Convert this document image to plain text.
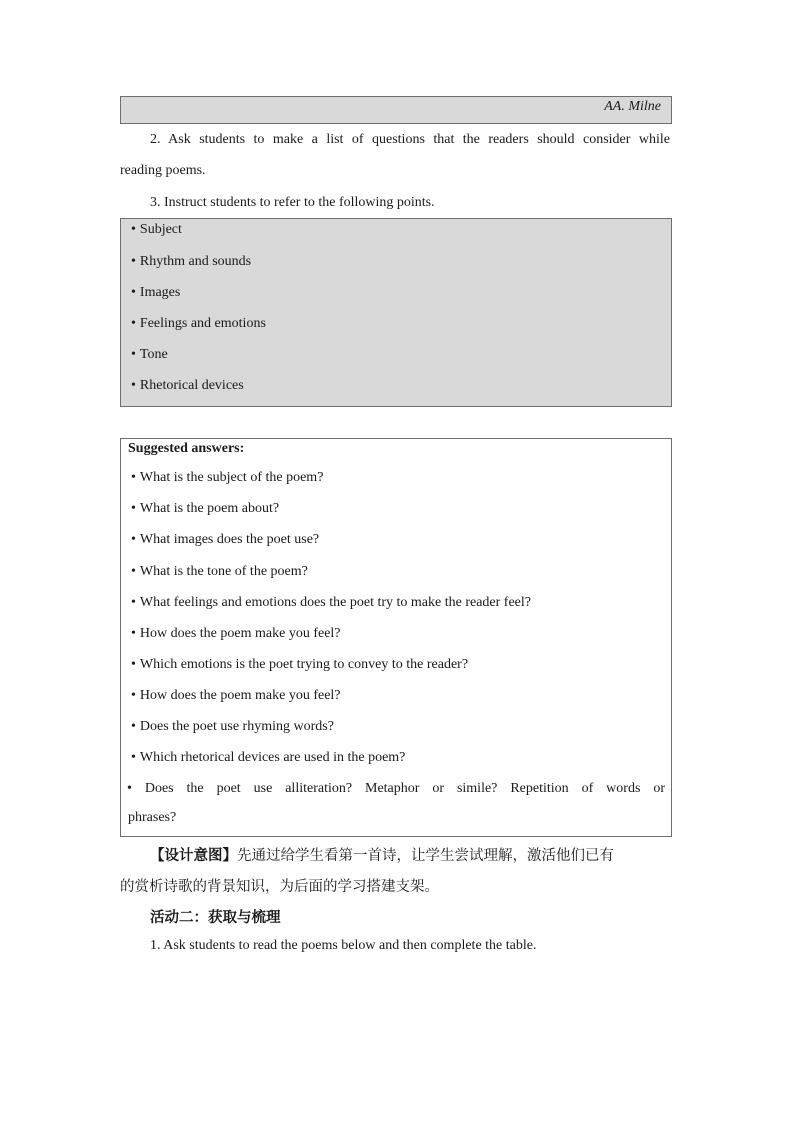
AA. Milne
2. Ask students to make a list of questions that the readers should consider while
reading poems.
3. Instruct students to refer to the following points.
• Subject
• Rhythm and sounds
• Images
• Feelings and emotions
• Tone
• Rhetorical devices
Suggested answers:
• What is the subject of the poem?
• What is the poem about?
• What images does the poet use?
• What is the tone of the poem?
• What feelings and emotions does the poet try to make the reader feel?
• How does the poem make you feel?
• Which emotions is the poet trying to convey to the reader?
• How does the poem make you feel?
• Does the poet use rhyming words?
• Which rhetorical devices are used in the poem?
• Does the poet use alliteration? Metaphor or simile? Repetition of words or
phrases?
【设计意图】先通过给学生看第一首诗，让学生尝试理解，激活他们已有
的赏析诗歌的背景知识，为后面的学习搭建支架。
活动二：获取与梳理
1. Ask students to read the poems below and then complete the table.
